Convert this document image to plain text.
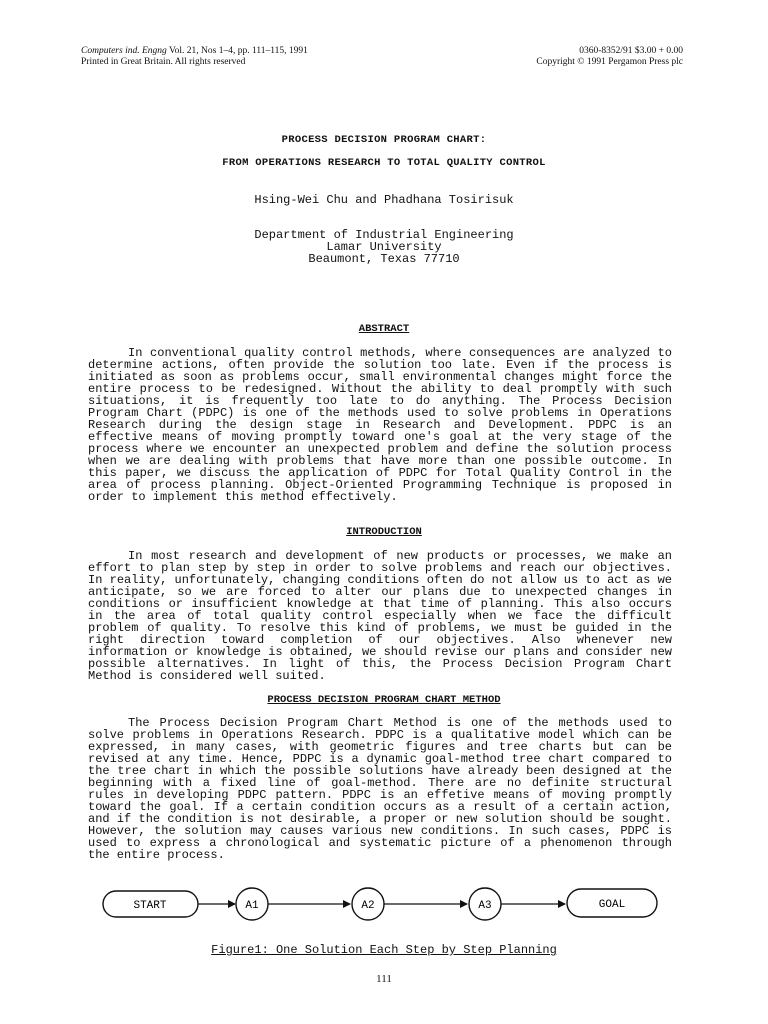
Computers ind. Engng Vol. 21, Nos 1–4, pp. 111–115, 1991
Printed in Great Britain. All rights reserved
0360-8352/91 $3.00 + 0.00
Copyright © 1991 Pergamon Press plc
PROCESS DECISION PROGRAM CHART:
FROM OPERATIONS RESEARCH TO TOTAL QUALITY CONTROL
Hsing-Wei Chu and Phadhana Tosirisuk
Department of Industrial Engineering
Lamar University
Beaumont, Texas 77710
ABSTRACT

In conventional quality control methods, where consequences are analyzed to determine actions, often provide the solution too late. Even if the process is initiated as soon as problems occur, small environmental changes might force the entire process to be redesigned. Without the ability to deal promptly with such situations, it is frequently too late to do anything. The Process Decision Program Chart (PDPC) is one of the methods used to solve problems in Operations Research during the design stage in Research and Development. PDPC is an effective means of moving promptly toward one's goal at the very stage of the process where we encounter an unexpected problem and define the solution process when we are dealing with problems that have more than one possible outcome. In this paper, we discuss the application of PDPC for Total Quality Control in the area of process planning. Object-Oriented Programming Technique is proposed in order to implement this method effectively.

INTRODUCTION

In most research and development of new products or processes, we make an effort to plan step by step in order to solve problems and reach our objectives. In reality, unfortunately, changing conditions often do not allow us to act as we anticipate, so we are forced to alter our plans due to unexpected changes in conditions or insufficient knowledge at that time of planning. This also occurs in the area of total quality control especially when we face the difficult problem of quality. To resolve this kind of problems, we must be guided in the right direction toward completion of our objectives. Also whenever new information or knowledge is obtained, we should revise our plans and consider new possible alternatives. In light of this, the Process Decision Program Chart Method is considered well suited.

PROCESS DECISION PROGRAM CHART METHOD

The Process Decision Program Chart Method is one of the methods used to solve problems in Operations Research. PDPC is a qualitative model which can be expressed, in many cases, with geometric figures and tree charts but can be revised at any time. Hence, PDPC is a dynamic goal-method tree chart compared to the tree chart in which the possible solutions have already been designed at the beginning with a fixed line of goal-method. There are no definite structural rules in developing PDPC pattern. PDPC is an effetive means of moving promptly toward the goal. If a certain condition occurs as a result of a certain action, and if the condition is not desirable, a proper or new solution should be sought. However, the solution may causes various new conditions. In such cases, PDPC is used to express a chronological and systematic picture of a phenomenon through the entire process.

START	A1	A2	A3	GOAL
Figure1: One Solution Each Step by Step Planning
111
